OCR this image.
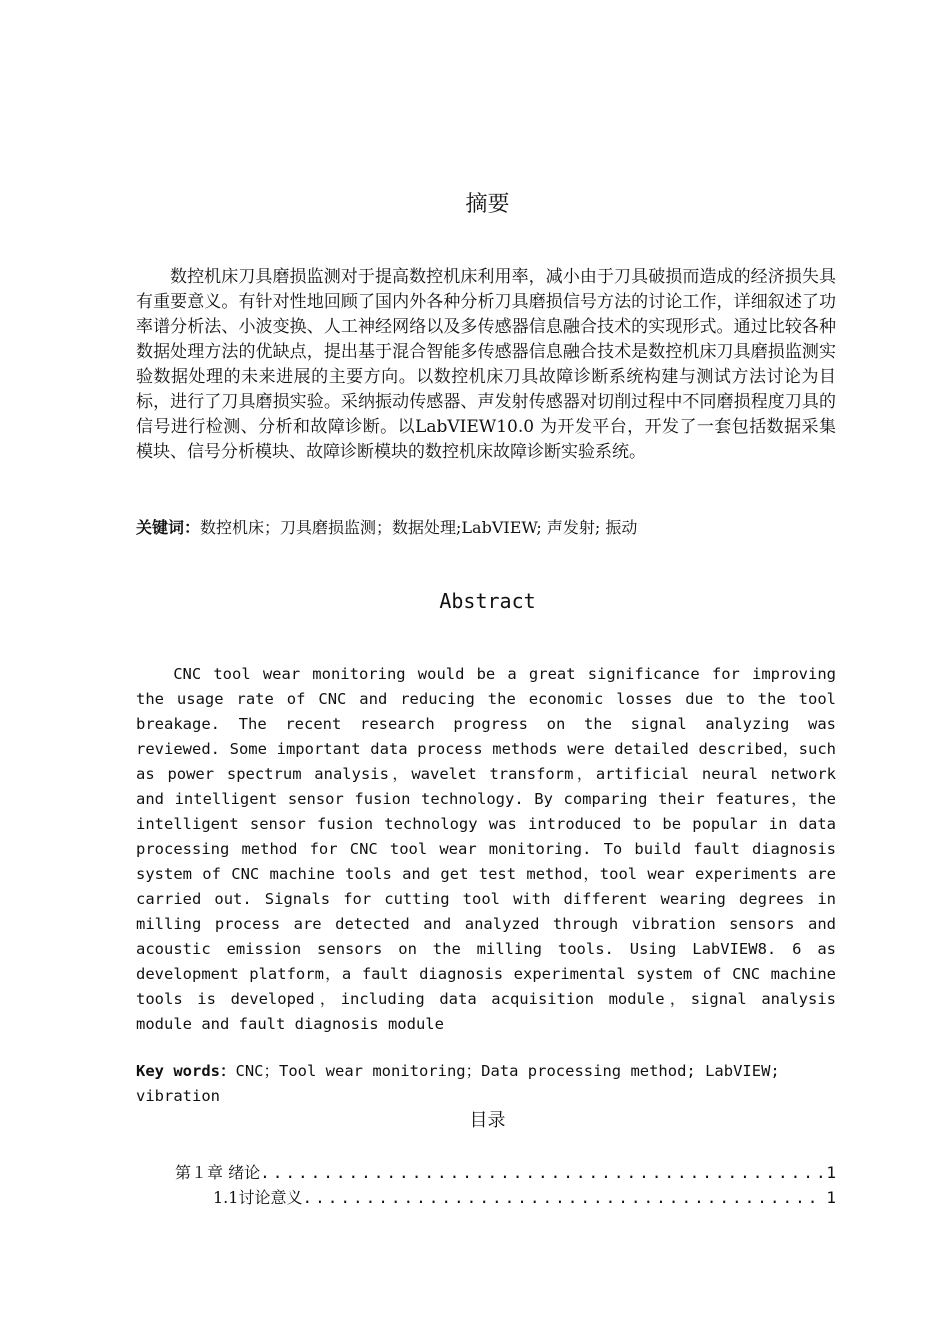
摘要
数控机床刀具磨损监测对于提高数控机床利用率，减小由于刀具破损而造成的经济损失具有重要意义。有针对性地回顾了国内外各种分析刀具磨损信号方法的讨论工作，详细叙述了功率谱分析法、小波变换、人工神经网络以及多传感器信息融合技术的实现形式。通过比较各种数据处理方法的优缺点，提出基于混合智能多传感器信息融合技术是数控机床刀具磨损监测实验数据处理的未来进展的主要方向。以数控机床刀具故障诊断系统构建与测试方法讨论为目标，进行了刀具磨损实验。采纳振动传感器、声发射传感器对切削过程中不同磨损程度刀具的信号进行检测、分析和故障诊断。以LabVIEW10.0 为开发平台，开发了一套包括数据采集模块、信号分析模块、故障诊断模块的数控机床故障诊断实验系统。
关键词：数控机床；刀具磨损监测；数据处理;LabVIEW; 声发射; 振动
Abstract
CNC tool wear monitoring would be a great significance for improving the usage rate of CNC and reducing the economic losses due to the tool breakage. The recent research progress on the signal analyzing was reviewed. Some important data process methods were detailed described，such as power spectrum analysis，wavelet transform，artificial neural network and intelligent sensor fusion technology. By comparing their features，the intelligent sensor fusion technology was introduced to be popular in data processing method for CNC tool wear monitoring. To build fault diagnosis system of CNC machine tools and get test method，tool wear experiments are carried out. Signals for cutting tool with different wearing degrees in milling process are detected and analyzed through vibration sensors and acoustic emission sensors on the milling tools. Using LabVIEW8. 6 as development platform，a fault diagnosis experimental system of CNC machine tools is developed，including data acquisition module，signal analysis module and fault diagnosis module
Key words：CNC；Tool wear monitoring；Data processing method; LabVIEW; vibration
目录
第１章 绪论 .....	1
1.1讨论意义 .....	1
